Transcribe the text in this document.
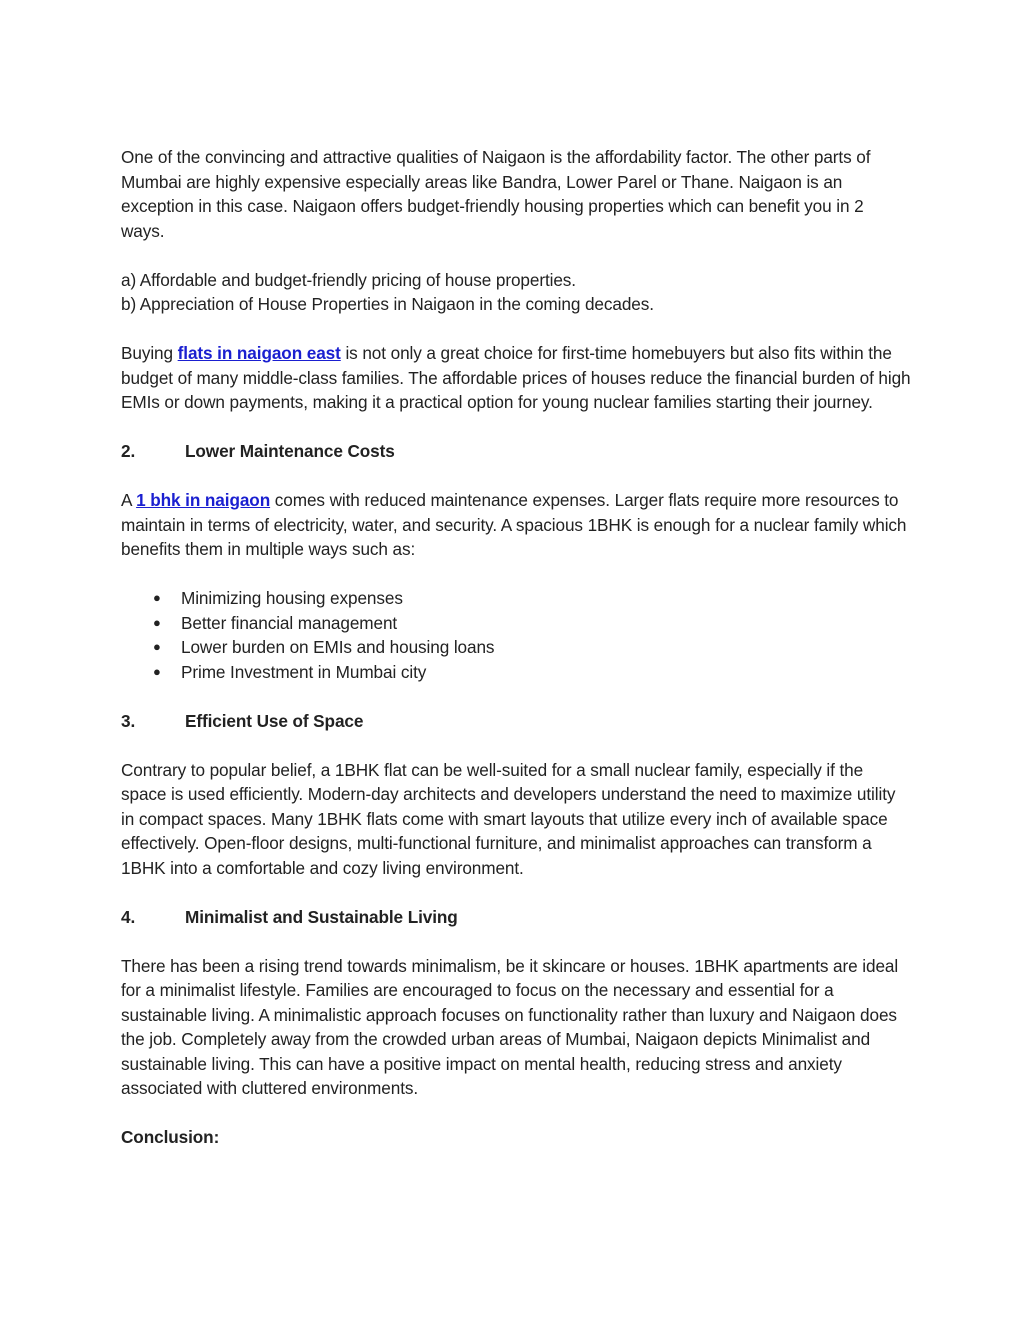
One of the convincing and attractive qualities of Naigaon is the affordability factor. The other parts of Mumbai are highly expensive especially areas like Bandra, Lower Parel or Thane. Naigaon is an exception in this case. Naigaon offers budget-friendly housing properties which can benefit you in 2 ways.

a) Affordable and budget-friendly pricing of house properties.
b) Appreciation of House Properties in Naigaon in the coming decades.

Buying flats in naigaon east is not only a great choice for first-time homebuyers but also fits within the budget of many middle-class families. The affordable prices of houses reduce the financial burden of high EMIs or down payments, making it a practical option for young nuclear families starting their journey.

2.	Lower Maintenance Costs

A 1 bhk in naigaon comes with reduced maintenance expenses. Larger flats require more resources to maintain in terms of electricity, water, and security. A spacious 1BHK is enough for a nuclear family which benefits them in multiple ways such as:

● Minimizing housing expenses
● Better financial management
● Lower burden on EMIs and housing loans
● Prime Investment in Mumbai city

3.	Efficient Use of Space

Contrary to popular belief, a 1BHK flat can be well-suited for a small nuclear family, especially if the space is used efficiently. Modern-day architects and developers understand the need to maximize utility in compact spaces. Many 1BHK flats come with smart layouts that utilize every inch of available space effectively. Open-floor designs, multi-functional furniture, and minimalist approaches can transform a 1BHK into a comfortable and cozy living environment.

4.	Minimalist and Sustainable Living

There has been a rising trend towards minimalism, be it skincare or houses. 1BHK apartments are ideal for a minimalist lifestyle. Families are encouraged to focus on the necessary and essential for a sustainable living. A minimalistic approach focuses on functionality rather than luxury and Naigaon does the job. Completely away from the crowded urban areas of Mumbai, Naigaon depicts Minimalist and sustainable living. This can have a positive impact on mental health, reducing stress and anxiety associated with cluttered environments.

Conclusion:
